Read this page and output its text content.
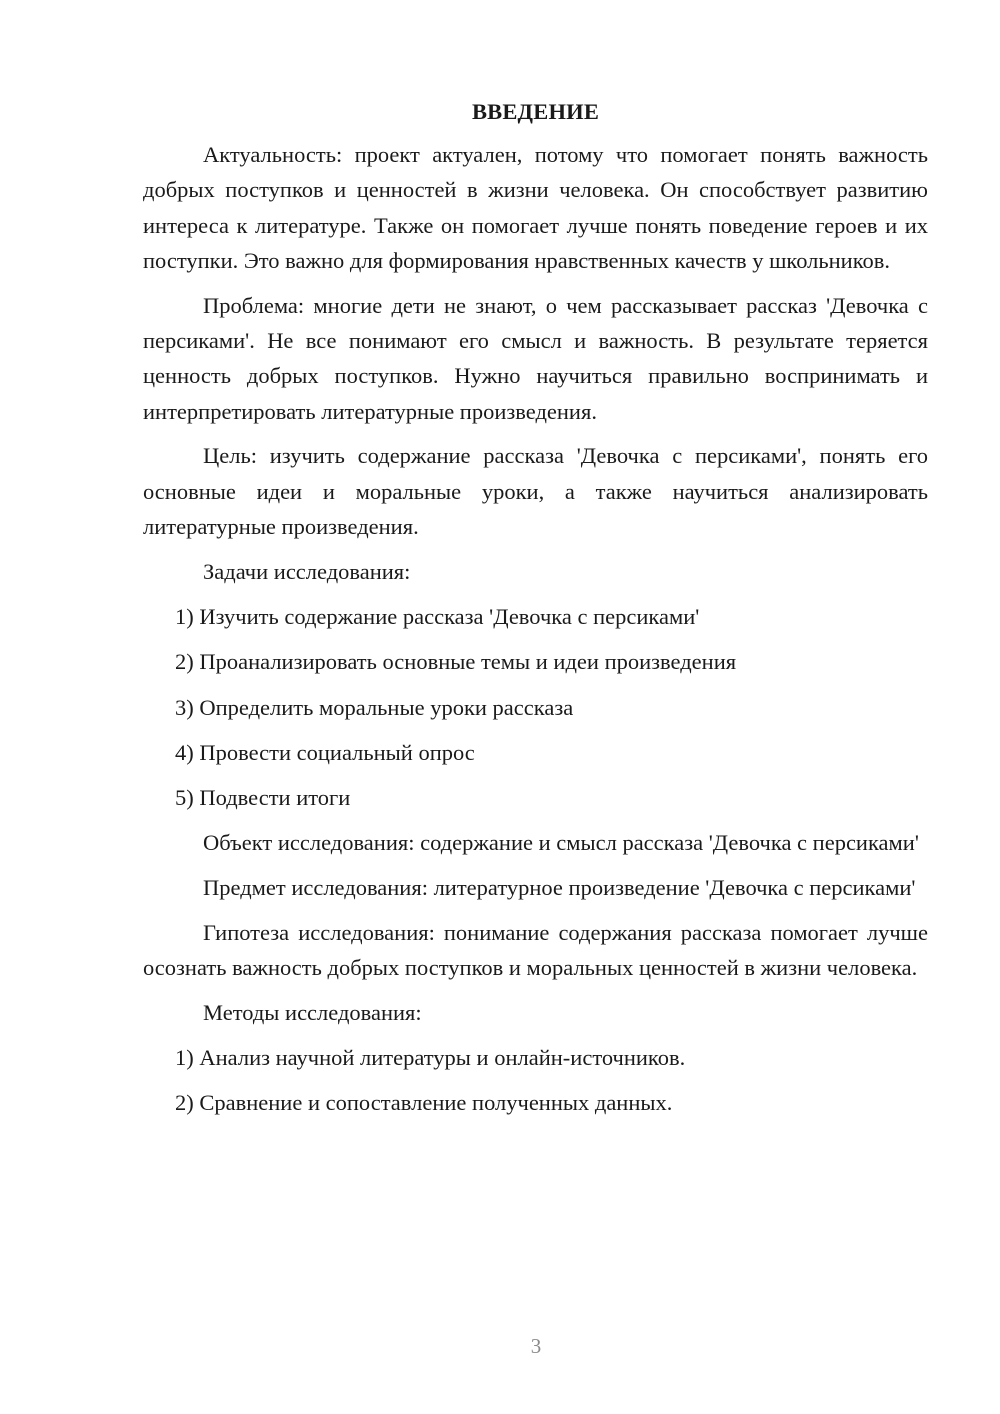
ВВЕДЕНИЕ

Актуальность: проект актуален, потому что помогает понять важность добрых поступков и ценностей в жизни человека. Он способствует развитию интереса к литературе. Также он помогает лучше понять поведение героев и их поступки. Это важно для формирования нравственных качеств у школьников.

Проблема: многие дети не знают, о чем рассказывает рассказ 'Девочка с персиками'. Не все понимают его смысл и важность. В результате теряется ценность добрых поступков. Нужно научиться правильно воспринимать и интерпретировать литературные произведения.

Цель: изучить содержание рассказа 'Девочка с персиками', понять его основные идеи и моральные уроки, а также научиться анализировать литературные произведения.

Задачи исследования:

1) Изучить содержание рассказа 'Девочка с персиками'

2) Проанализировать основные темы и идеи произведения

3) Определить моральные уроки рассказа

4) Провести социальный опрос

5) Подвести итоги

Объект исследования: содержание и смысл рассказа 'Девочка с персиками'

Предмет исследования: литературное произведение 'Девочка с персиками'

Гипотеза исследования: понимание содержания рассказа помогает лучше осознать важность добрых поступков и моральных ценностей в жизни человека.

Методы исследования:

1) Анализ научной литературы и онлайн-источников.

2) Сравнение и сопоставление полученных данных.

3
